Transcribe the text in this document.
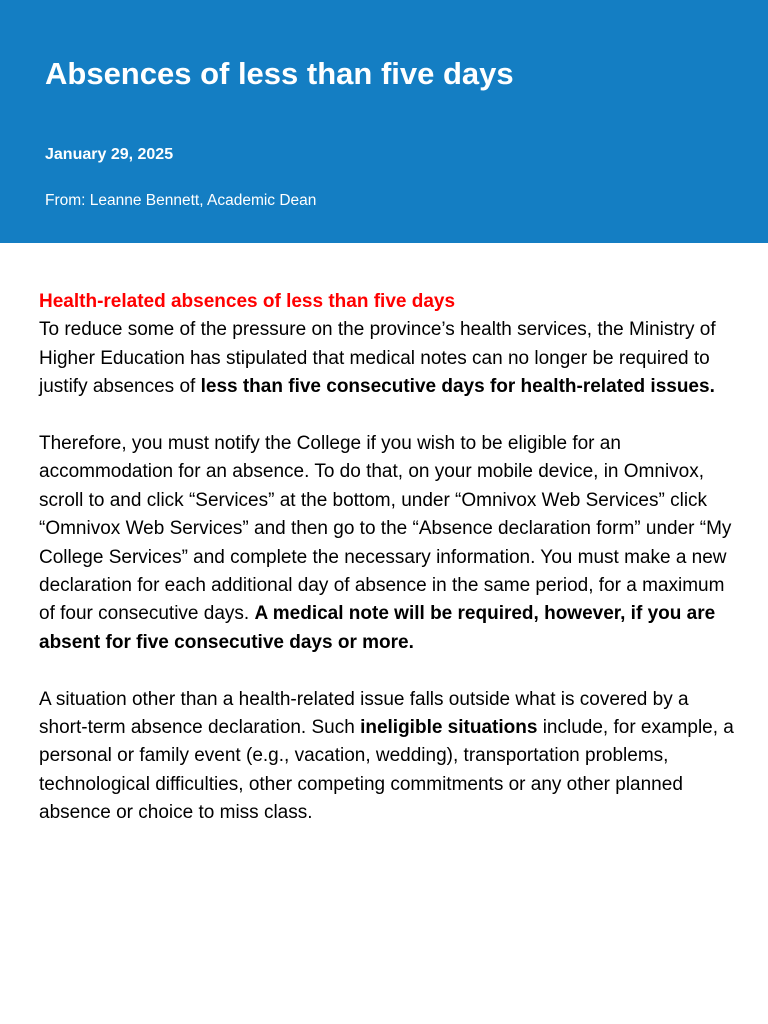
Absences of less than five days
January 29, 2025
From: Leanne Bennett, Academic Dean

Health-related absences of less than five days
To reduce some of the pressure on the province’s health services, the Ministry of Higher Education has stipulated that medical notes can no longer be required to justify absences of less than five consecutive days for health-related issues.

Therefore, you must notify the College if you wish to be eligible for an accommodation for an absence. To do that, on your mobile device, in Omnivox, scroll to and click “Services” at the bottom, under “Omnivox Web Services” click “Omnivox Web Services” and then go to the “Absence declaration form” under “My College Services” and complete the necessary information. You must make a new declaration for each additional day of absence in the same period, for a maximum of four consecutive days. A medical note will be required, however, if you are absent for five consecutive days or more.

A situation other than a health-related issue falls outside what is covered by a short-term absence declaration. Such ineligible situations include, for example, a personal or family event (e.g., vacation, wedding), transportation problems, technological difficulties, other competing commitments or any other planned absence or choice to miss class.
